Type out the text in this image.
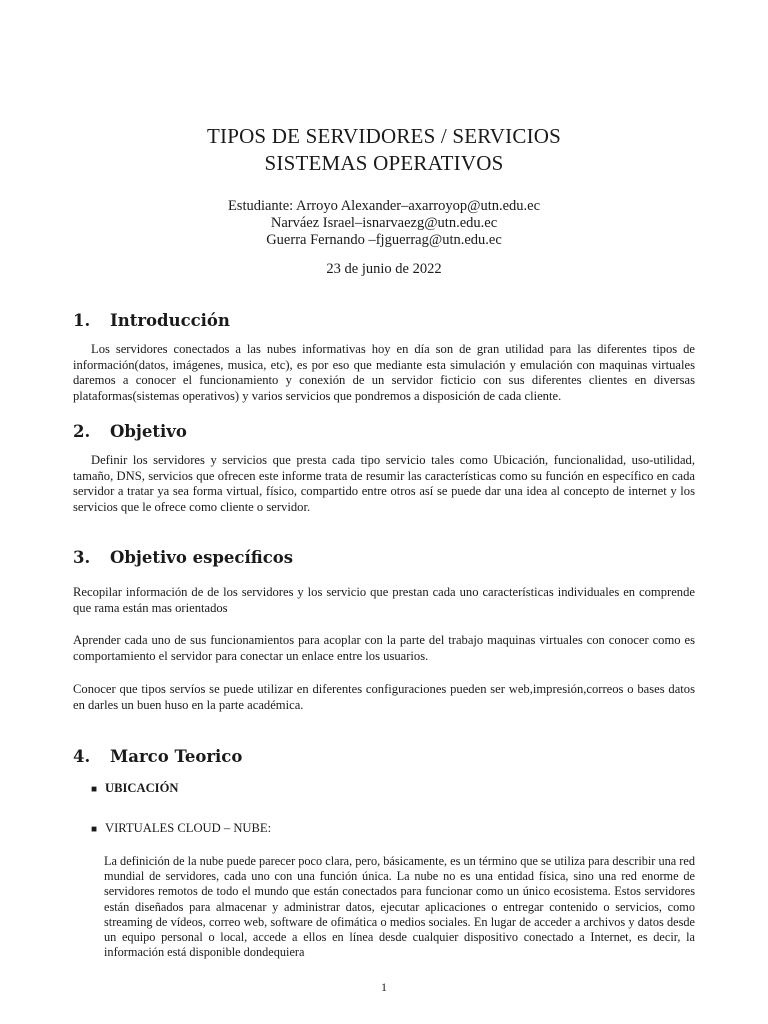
TIPOS DE SERVIDORES / SERVICIOS
SISTEMAS OPERATIVOS
Estudiante: Arroyo Alexander–axarroyop@utn.edu.ec
Narváez Israel–isnarvaezg@utn.edu.ec
Guerra Fernando –fjguerrag@utn.edu.ec
23 de junio de 2022
1. Introducción

Los servidores conectados a las nubes informativas hoy en día son de gran utilidad para las diferentes tipos de información(datos, imágenes, musica, etc), es por eso que mediante esta simulación y emulación con maquinas virtuales daremos a conocer el funcionamiento y conexión de un servidor ficticio con sus diferentes clientes en diversas plataformas(sistemas operativos) y varios servicios que pondremos a disposición de cada cliente.

2. Objetivo

Definir los servidores y servicios que presta cada tipo servicio tales como Ubicación, funcionalidad, uso-utilidad, tamaño, DNS, servicios que ofrecen este informe trata de resumir las características como su función en específico en cada servidor a tratar ya sea forma virtual, físico, compartido entre otros así se puede dar una idea al concepto de internet y los servicios que le ofrece como cliente o servidor.

3. Objetivo específicos

Recopilar información de de los servidores y los servicio que prestan cada uno características individuales en comprende que rama están mas orientados

Aprender cada uno de sus funcionamientos para acoplar con la parte del trabajo maquinas virtuales con conocer como es comportamiento el servidor para conectar un enlace entre los usuarios.

Conocer que tipos servíos se puede utilizar en diferentes configuraciones pueden ser web,impresión,correos o bases datos en darles un buen huso en la parte académica.

4. Marco Teorico
■ UBICACIÓN
■ VIRTUALES CLOUD – NUBE:

La definición de la nube puede parecer poco clara, pero, básicamente, es un término que se utiliza para describir una red mundial de servidores, cada uno con una función única. La nube no es una entidad física, sino una red enorme de servidores remotos de todo el mundo que están conectados para funcionar como un único ecosistema. Estos servidores están diseñados para almacenar y administrar datos, ejecutar aplicaciones o entregar contenido o servicios, como streaming de vídeos, correo web, software de ofimática o medios sociales. En lugar de acceder a archivos y datos desde un equipo personal o local, accede a ellos en línea desde cualquier dispositivo conectado a Internet, es decir, la información está disponible dondequiera

1
